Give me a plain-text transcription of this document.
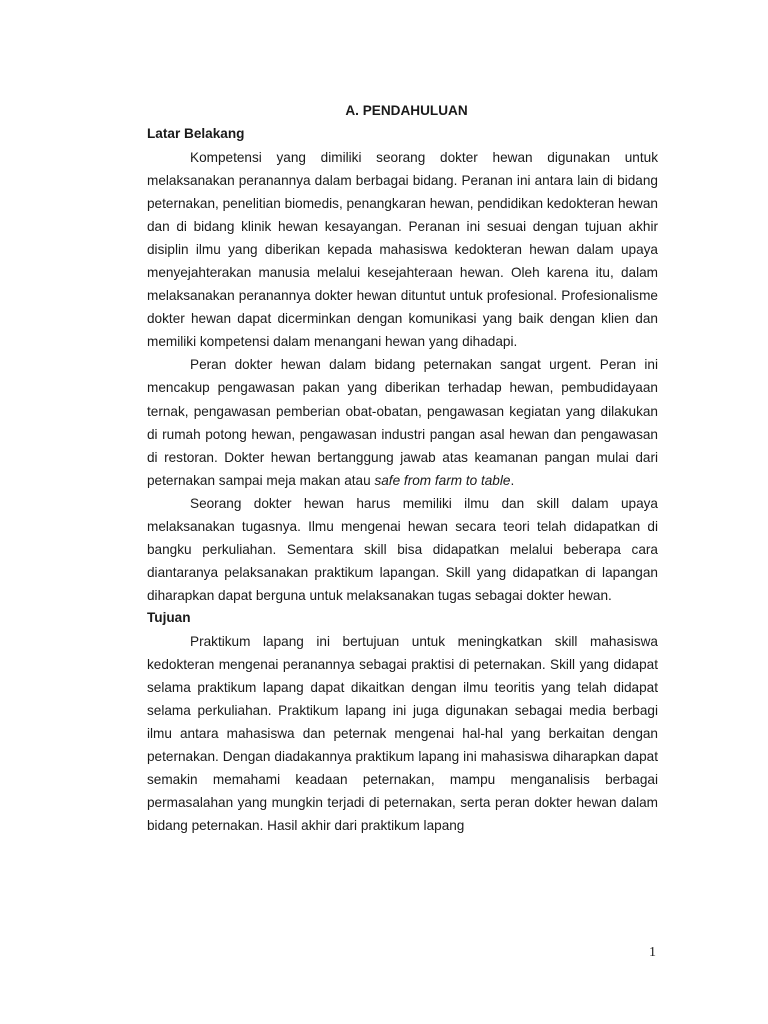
A. PENDAHULUAN
Latar Belakang

Kompetensi yang dimiliki seorang dokter hewan digunakan untuk melaksanakan peranannya dalam berbagai bidang. Peranan ini antara lain di bidang peternakan, penelitian biomedis, penangkaran hewan, pendidikan kedokteran hewan dan di bidang klinik hewan kesayangan. Peranan ini sesuai dengan tujuan akhir disiplin ilmu yang diberikan kepada mahasiswa kedokteran hewan dalam upaya menyejahterakan manusia melalui kesejahteraan hewan. Oleh karena itu, dalam melaksanakan peranannya dokter hewan dituntut untuk profesional. Profesionalisme dokter hewan dapat dicerminkan dengan komunikasi yang baik dengan klien dan memiliki kompetensi dalam menangani hewan yang dihadapi.

Peran dokter hewan dalam bidang peternakan sangat urgent. Peran ini mencakup pengawasan pakan yang diberikan terhadap hewan, pembudidayaan ternak, pengawasan pemberian obat-obatan, pengawasan kegiatan yang dilakukan di rumah potong hewan, pengawasan industri pangan asal hewan dan pengawasan di restoran. Dokter hewan bertanggung jawab atas keamanan pangan mulai dari peternakan sampai meja makan atau safe from farm to table.

Seorang dokter hewan harus memiliki ilmu dan skill dalam upaya melaksanakan tugasnya. Ilmu mengenai hewan secara teori telah didapatkan di bangku perkuliahan. Sementara skill bisa didapatkan melalui beberapa cara diantaranya pelaksanakan praktikum lapangan. Skill yang didapatkan di lapangan diharapkan dapat berguna untuk melaksanakan tugas sebagai dokter hewan.

Tujuan

Praktikum lapang ini bertujuan untuk meningkatkan skill mahasiswa kedokteran mengenai peranannya sebagai praktisi di peternakan. Skill yang didapat selama praktikum lapang dapat dikaitkan dengan ilmu teoritis yang telah didapat selama perkuliahan. Praktikum lapang ini juga digunakan sebagai media berbagi ilmu antara mahasiswa dan peternak mengenai hal-hal yang berkaitan dengan peternakan. Dengan diadakannya praktikum lapang ini mahasiswa diharapkan dapat semakin memahami keadaan peternakan, mampu menganalisis berbagai permasalahan yang mungkin terjadi di peternakan, serta peran dokter hewan dalam bidang peternakan. Hasil akhir dari praktikum lapang

1
